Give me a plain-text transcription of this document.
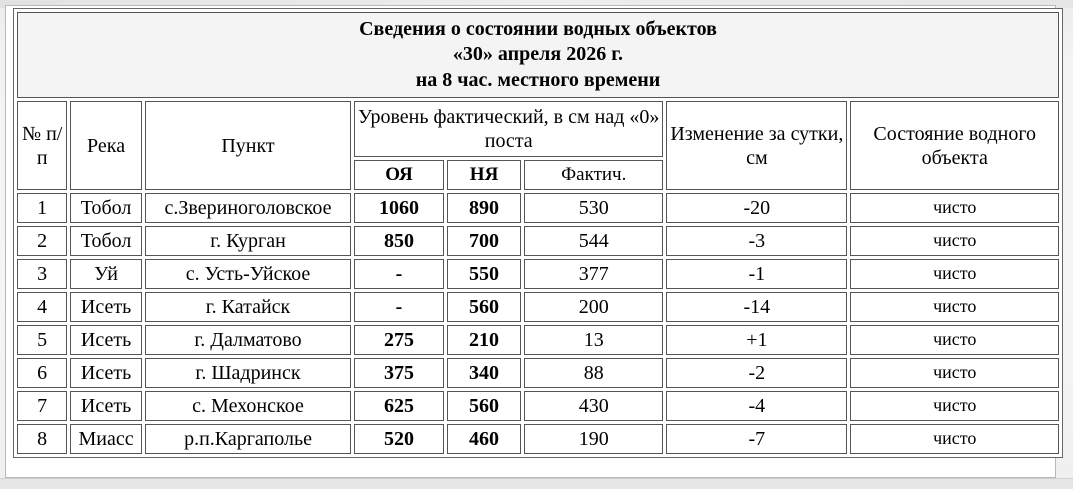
Сведения о состоянии водных объектов
«30» апреля 2026 г.
на 8 час. местного времени							

№ п/п	Река	Пункт	Уровень фактический, в см над «0» поста			Изменение за сутки, см	Состояние водного объекта
			ОЯ	НЯ	Фактич.		
1	Тобол	с.Звериноголовское	1060	890	530	-20	чисто
2	Тобол	г. Курган	850	700	544	-3	чисто
3	Уй	с. Усть-Уйское	-	550	377	-1	чисто
4	Исеть	г. Катайск	-	560	200	-14	чисто
5	Исеть	г. Далматово	275	210	13	+1	чисто
6	Исеть	г. Шадринск	375	340	88	-2	чисто
7	Исеть	с. Мехонское	625	560	430	-4	чисто
8	Миасс	р.п.Каргаполье	520	460	190	-7	чисто
